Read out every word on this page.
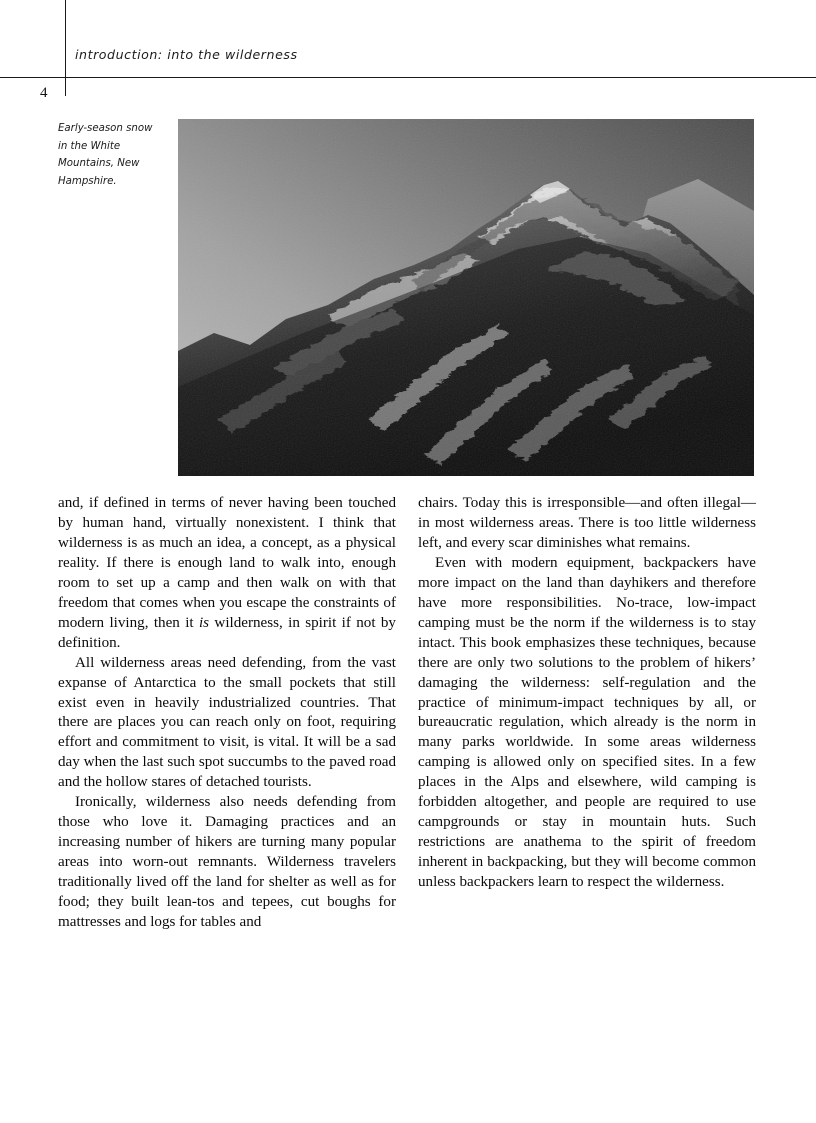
introduction: into the wilderness
4
Early-season snow in the White Mountains, New Hampshire.

and, if defined in terms of never having been touched by human hand, virtually nonexistent. I think that wilderness is as much an idea, a concept, as a physical reality. If there is enough land to walk into, enough room to set up a camp and then walk on with that freedom that comes when you escape the constraints of modern living, then it is wilderness, in spirit if not by definition.

All wilderness areas need defending, from the vast expanse of Antarctica to the small pockets that still exist even in heavily industrialized countries. That there are places you can reach only on foot, requiring effort and commitment to visit, is vital. It will be a sad day when the last such spot succumbs to the paved road and the hollow stares of detached tourists.

Ironically, wilderness also needs defending from those who love it. Damaging practices and an increasing number of hikers are turning many popular areas into worn-out remnants. Wilderness travelers traditionally lived off the land for shelter as well as for food; they built lean-tos and tepees, cut boughs for mattresses and logs for tables and

chairs. Today this is irresponsible—and often illegal—in most wilderness areas. There is too little wilderness left, and every scar diminishes what remains.

Even with modern equipment, backpackers have more impact on the land than dayhikers and therefore have more responsibilities. No-trace, low-impact camping must be the norm if the wilderness is to stay intact. This book emphasizes these techniques, because there are only two solutions to the problem of hikers’ damaging the wilderness: self-regulation and the practice of minimum-impact techniques by all, or bureaucratic regulation, which already is the norm in many parks worldwide. In some areas wilderness camping is allowed only on specified sites. In a few places in the Alps and elsewhere, wild camping is forbidden altogether, and people are required to use campgrounds or stay in mountain huts. Such restrictions are anathema to the spirit of freedom inherent in backpacking, but they will become common unless backpackers learn to respect the wilderness.
